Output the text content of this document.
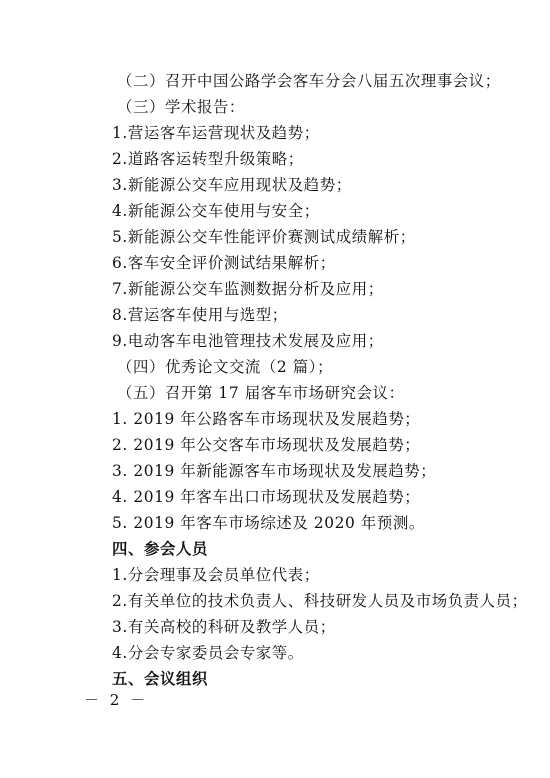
（二）召开中国公路学会客车分会八届五次理事会议；
（三）学术报告：
1.营运客车运营现状及趋势；
2.道路客运转型升级策略；
3.新能源公交车应用现状及趋势；
4.新能源公交车使用与安全；
5.新能源公交车性能评价赛测试成绩解析；
6.客车安全评价测试结果解析；
7.新能源公交车监测数据分析及应用；
8.营运客车使用与选型；
9.电动客车电池管理技术发展及应用；
（四）优秀论文交流（2 篇）；
（五）召开第 17 届客车市场研究会议：
1. 2019 年公路客车市场现状及发展趋势；
2. 2019 年公交客车市场现状及发展趋势；
3. 2019 年新能源客车市场现状及发展趋势；
4. 2019 年客车出口市场现状及发展趋势；
5. 2019 年客车市场综述及 2020 年预测。
四、参会人员
1.分会理事及会员单位代表；
2.有关单位的技术负责人、科技研发人员及市场负责人员；
3.有关高校的科研及教学人员；
4.分会专家委员会专家等。
五、会议组织
－ 2 －
